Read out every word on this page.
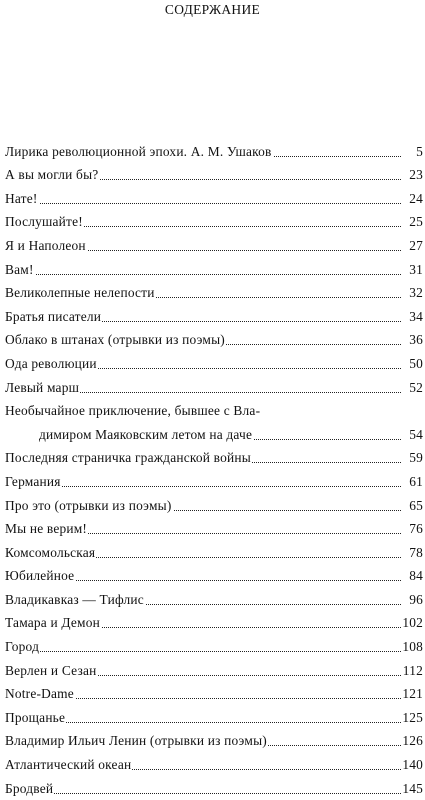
СОДЕРЖАНИЕ
Лирика революционной эпохи. А. М. Ушаков	5
А вы могли бы?	23
Нате!	24
Послушайте!	25
Я и Наполеон	27
Вам!	31
Великолепные нелепости	32
Братья писатели	34
Облако в штанах (отрывки из поэмы)	36
Ода революции	50
Левый марш	52
Необычайное приключение, бывшее с Вла-
димиром Маяковским летом на даче	54
Последняя страничка гражданской войны	59
Германия	61
Про это (отрывки из поэмы)	65
Мы не верим!	76
Комсомольская	78
Юбилейное	84
Владикавказ — Тифлис	96
Тамара и Демон	102
Город	108
Верлен и Сезан	112
Notre-Dame	121
Прощанье	125
Владимир Ильич Ленин (отрывки из поэмы)	126
Атлантический океан	140
Бродвей	145
